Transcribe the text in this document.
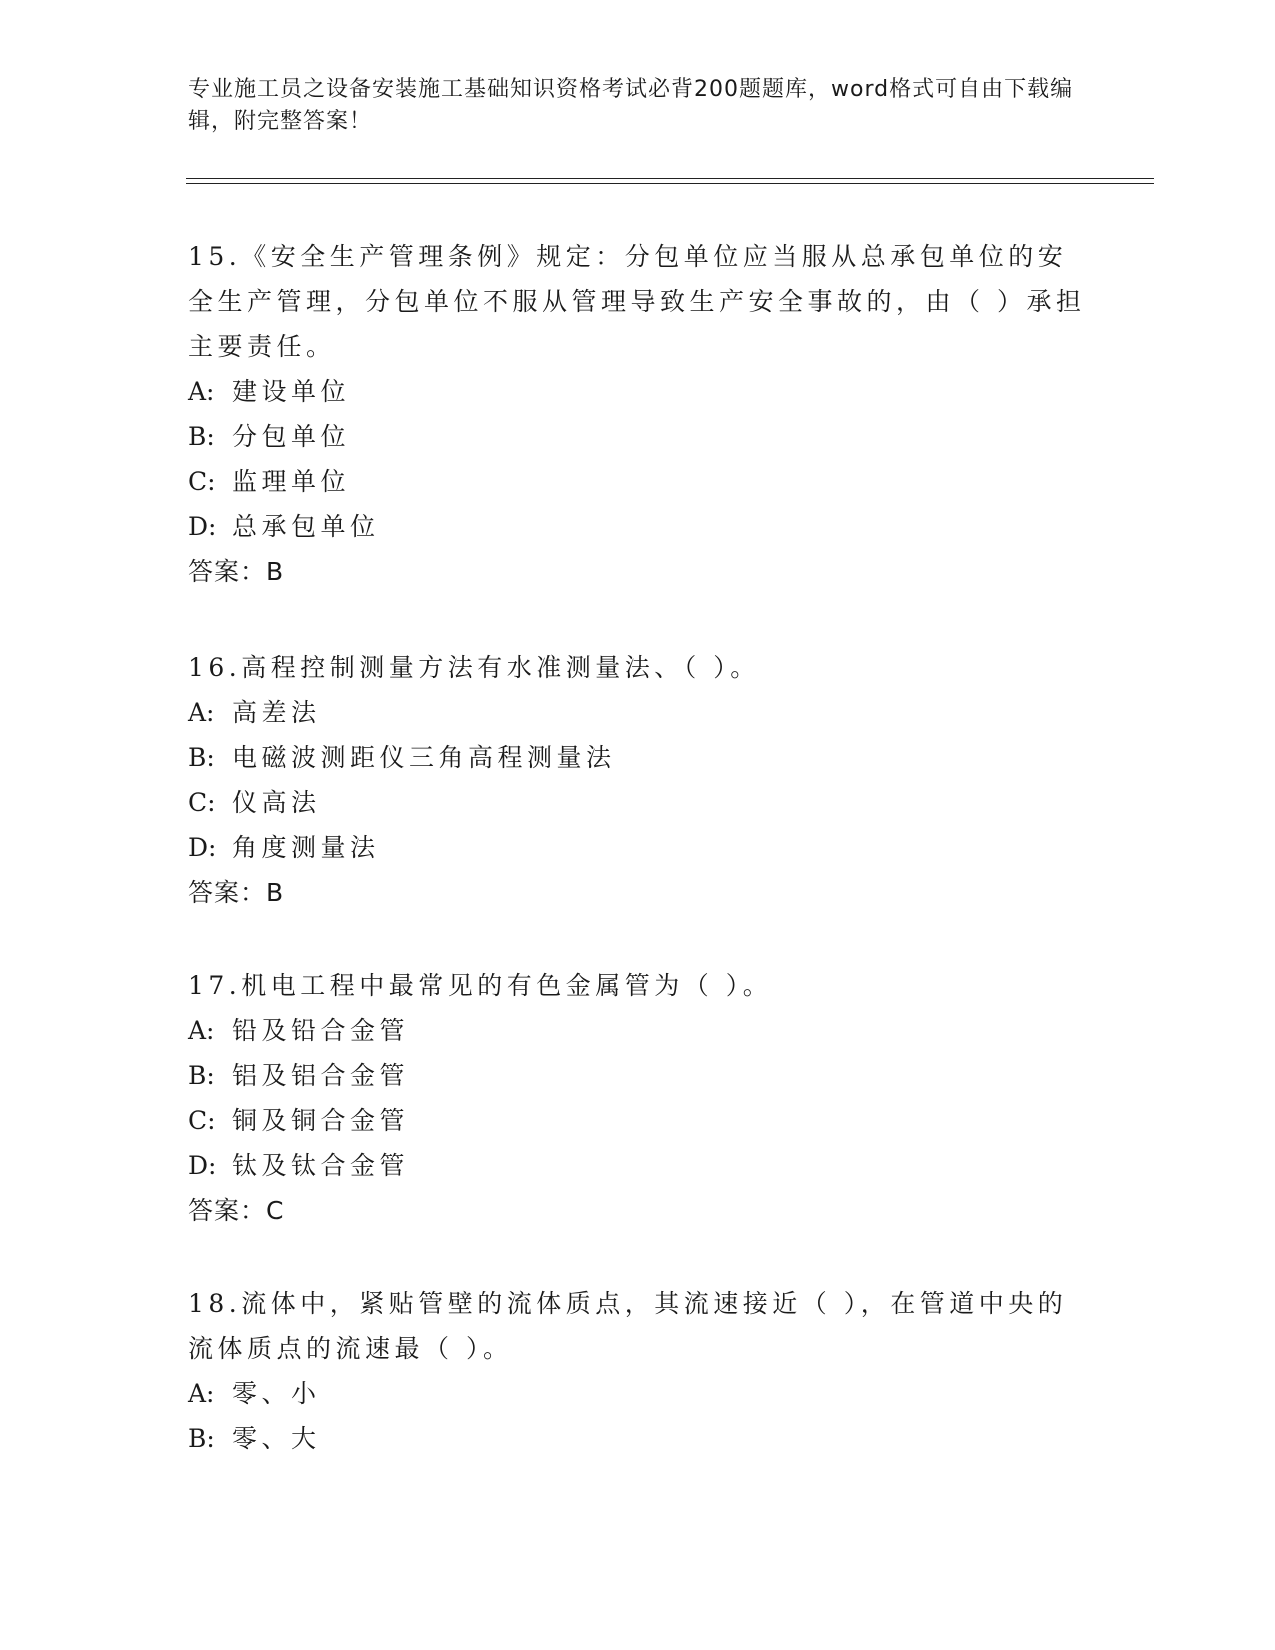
专业施工员之设备安装施工基础知识资格考试必背200题题库，word格式可自由下载编辑，附完整答案！

15.《安全生产管理条例》规定：分包单位应当服从总承包单位的安全生产管理，分包单位不服从管理导致生产安全事故的，由（ ）承担主要责任。

A: 建设单位

B: 分包单位

C: 监理单位

D: 总承包单位

答案：B

16.高程控制测量方法有水准测量法、（ ）。

A: 高差法

B: 电磁波测距仪三角高程测量法

C: 仪高法

D: 角度测量法

答案：B

17.机电工程中最常见的有色金属管为（ ）。

A: 铅及铅合金管

B: 铝及铝合金管

C: 铜及铜合金管

D: 钛及钛合金管

答案：C

18.流体中，紧贴管壁的流体质点，其流速接近（ ），在管道中央的流体质点的流速最（ ）。

A: 零、小

B: 零、大
